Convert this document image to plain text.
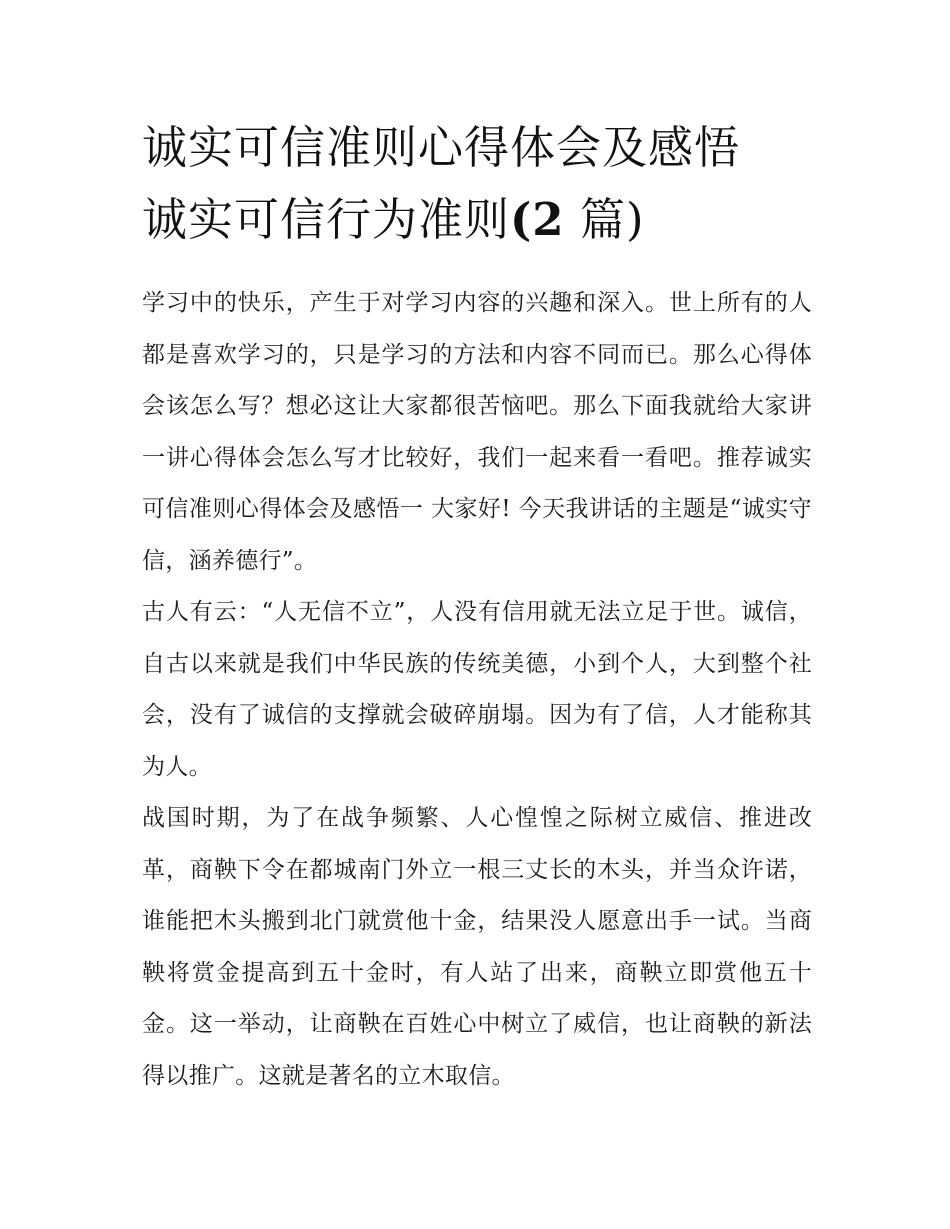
诚实可信准则心得体会及感悟
诚实可信行为准则(2 篇)

学习中的快乐，产生于对学习内容的兴趣和深入。世上所有的人都是喜欢学习的，只是学习的方法和内容不同而已。那么心得体会该怎么写？想必这让大家都很苦恼吧。那么下面我就给大家讲一讲心得体会怎么写才比较好，我们一起来看一看吧。推荐诚实可信准则心得体会及感悟一 大家好! 今天我讲话的主题是“诚实守信，涵养德行”。

古人有云：“人无信不立”，人没有信用就无法立足于世。诚信，自古以来就是我们中华民族的传统美德，小到个人，大到整个社会，没有了诚信的支撑就会破碎崩塌。因为有了信，人才能称其为人。

战国时期，为了在战争频繁、人心惶惶之际树立威信、推进改革，商鞅下令在都城南门外立一根三丈长的木头，并当众许诺，谁能把木头搬到北门就赏他十金，结果没人愿意出手一试。当商鞅将赏金提高到五十金时，有人站了出来，商鞅立即赏他五十金。这一举动，让商鞅在百姓心中树立了威信，也让商鞅的新法得以推广。这就是著名的立木取信。
